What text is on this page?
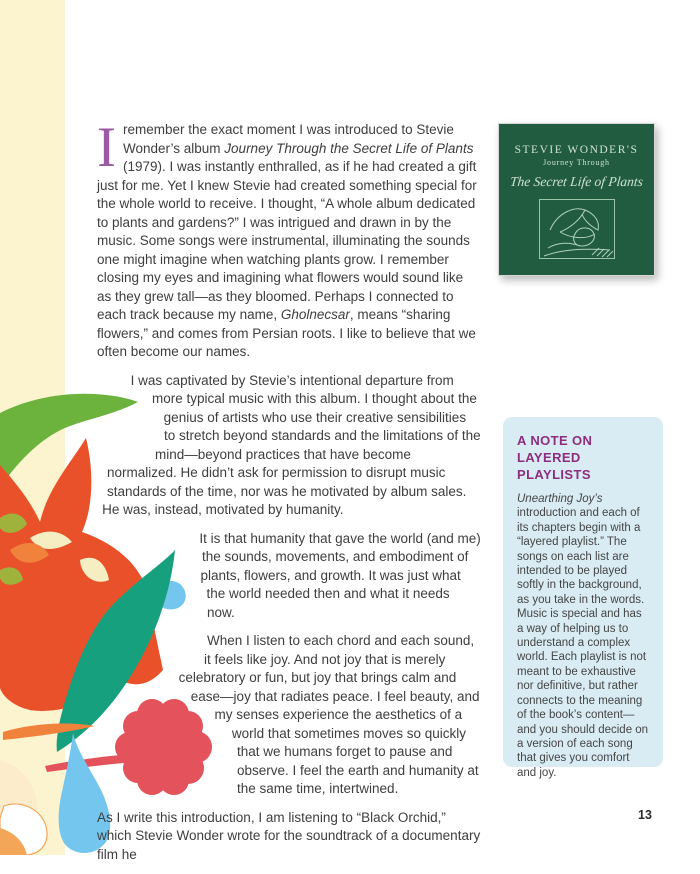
Iremember the exact moment I was introduced to Stevie Wonder’s album Journey Through the Secret Life of Plants (1979). I was instantly enthralled, as if he had created a gift just for me. Yet I knew Stevie had created something special for the whole world to receive. I thought, “A whole album dedicated to plants and gardens?” I was intrigued and drawn in by the music. Some songs were instrumental, illuminating the sounds one might imagine when watching plants grow. I remember closing my eyes and imagining what flowers would sound like as they grew tall—as they bloomed. Perhaps I connected to each track because my name, Gholnecsar, means “sharing flowers,” and comes from Persian roots. I like to believe that we often become our names.

I was captivated by Stevie’s intentional departure from more typical music with this album. I thought about the genius of artists who use their creative sensibilities to stretch beyond standards and the limitations of the mind—beyond practices that have become normalized. He didn’t ask for permission to disrupt music standards of the time, nor was he motivated by album sales. He was, instead, motivated by humanity.

It is that humanity that gave the world (and me) the sounds, movements, and embodiment of plants, flowers, and growth. It was just what the world needed then and what it needs now.

When I listen to each chord and each sound, it feels like joy. And not joy that is merely celebratory or fun, but joy that brings calm and ease—joy that radiates peace. I feel beauty, and my senses experience the aesthetics of a world that sometimes moves so quickly that we humans forget to pause and observe. I feel the earth and humanity at the same time, intertwined.

As I write this introduction, I am listening to “Black Orchid,” which Stevie Wonder wrote for the soundtrack of a documentary film he

STEVIE WONDER'S
Journey Through
The Secret Life of Plants
A NOTE ON
LAYERED PLAYLISTS
Unearthing Joy’s introduction and each of its chapters begin with a “layered playlist.” The songs on each list are intended to be played softly in the background, as you take in the words. Music is special and has a way of helping us to understand a complex world. Each playlist is not meant to be exhaustive nor definitive, but rather connects to the meaning of the book’s content—and you should decide on a version of each song that gives you comfort and joy.
13
